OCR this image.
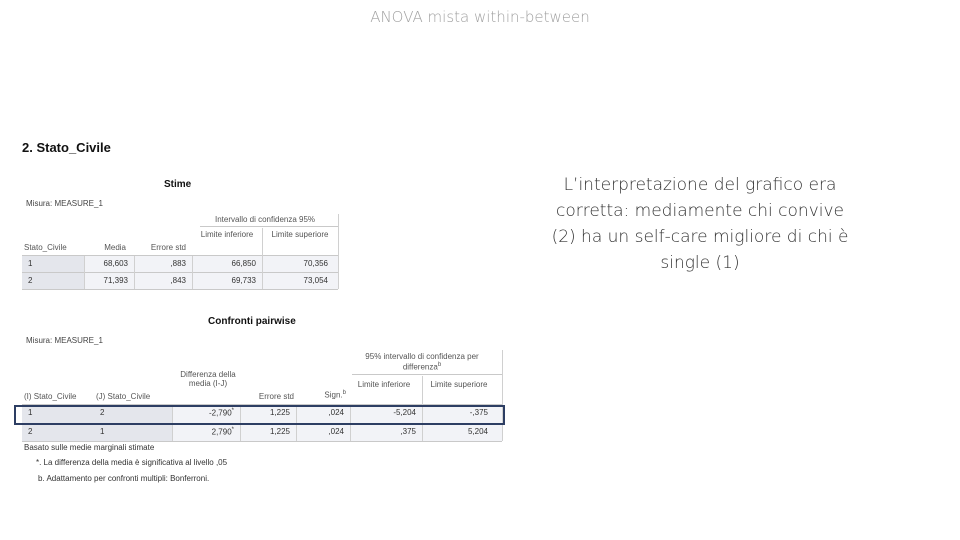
ANOVA mista within-between
2. Stato_Civile
L’interpretazione del grafico era corretta: mediamente chi convive (2) ha un self-care migliore di chi è single (1)
Stime
Misura: MEASURE_1
Intervallo di confidenza 95%
Stato_Civile	Media	Errore std
Limite inferiore	Limite superiore
1	68,603	,883	66,850	70,356
2	71,393	,843	69,733	73,054
Confronti pairwise
Misura: MEASURE_1
95% intervallo di confidenza per differenza$^b$
(I) Stato_Civile	(J) Stato_Civile
Differenza della media (I-J)
Errore std	Sign.$^b$
Limite inferiore	Limite superiore
1	2	-2,790*	1,225	,024	-5,204	-,375
2	1	2,790*	1,225	,024	,375	5,204
Basato sulle medie marginali stimate
*. La differenza della media è significativa al livello ,05
b. Adattamento per confronti multipli: Bonferroni.
